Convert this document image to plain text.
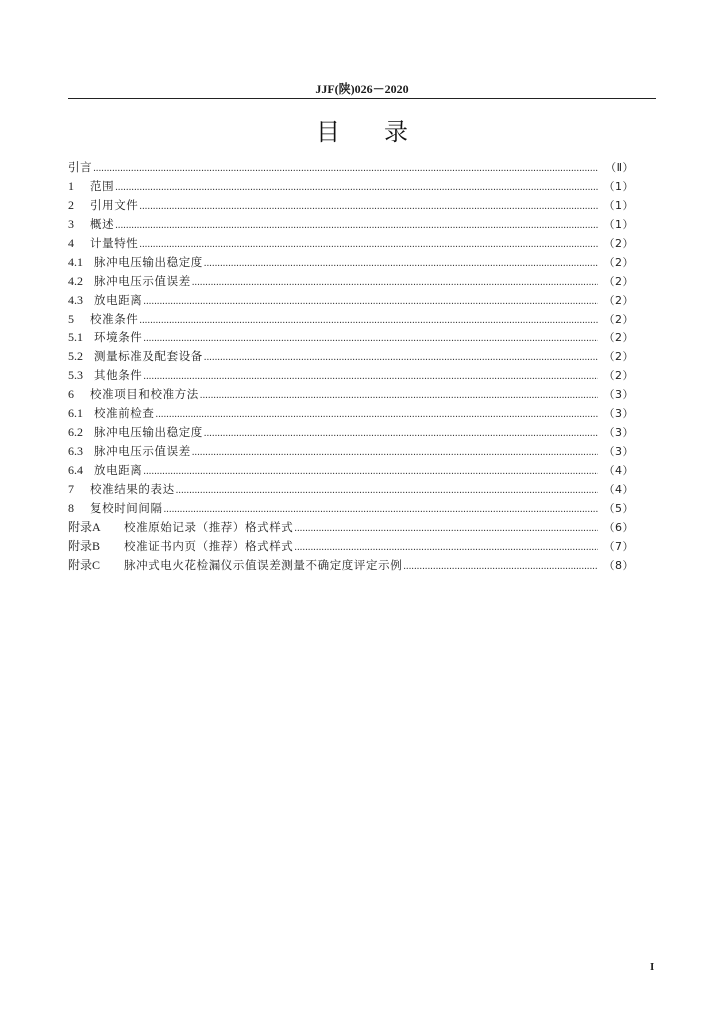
JJF(陕)026－2020
目录
引言 .....	（Ⅱ）
1	范围 .....	（1）
2	引用文件 .....	（1）
3	概述 .....	（1）
4	计量特性 .....	（2）
4.1 脉冲电压输出稳定度 .....	（2）
4.2 脉冲电压示值误差 .....	（2）
4.3 放电距离 .....	（2）
5	校准条件 .....	（2）
5.1 环境条件 .....	（2）
5.2 测量标准及配套设备 .....	（2）
5.3 其他条件 .....	（2）
6	校准项目和校准方法 .....	（3）
6.1 校准前检查 .....	（3）
6.2 脉冲电压输出稳定度 .....	（3）
6.3 脉冲电压示值误差 .....	（3）
6.4 放电距离 .....	（4）
7	校准结果的表达 .....	（4）
8	复校时间间隔 .....	（5）
附录A	校准原始记录（推荐）格式样式 .....	（6）
附录B	校准证书内页（推荐）格式样式 .....	（7）
附录C	脉冲式电火花检漏仪示值误差测量不确定度评定示例 .....	（8）
I
